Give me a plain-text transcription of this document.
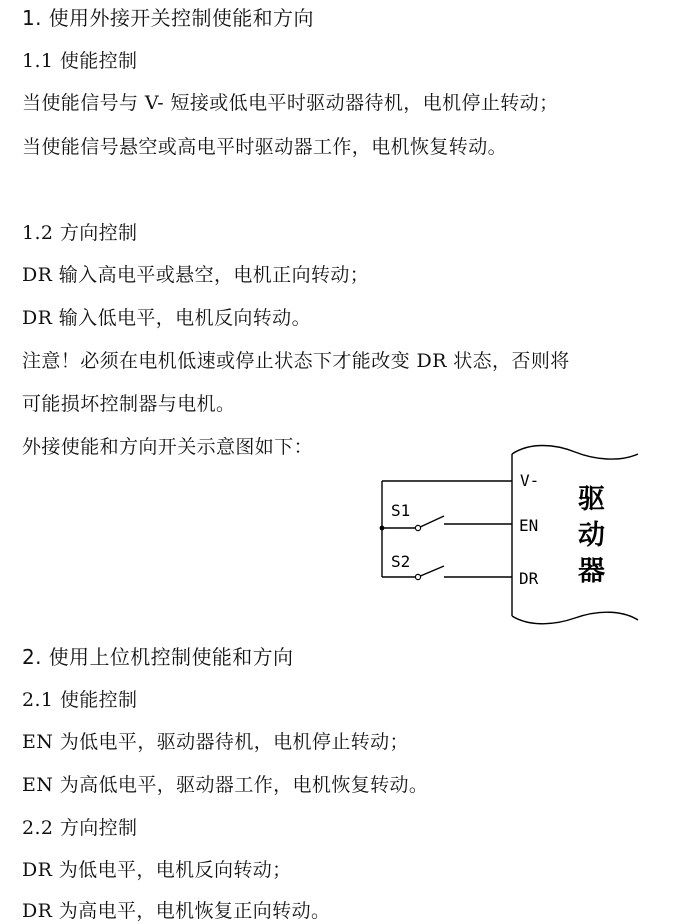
1. 使用外接开关控制使能和方向
1.1 使能控制
当使能信号与 V- 短接或低电平时驱动器待机，电机停止转动；
当使能信号悬空或高电平时驱动器工作，电机恢复转动。
1.2 方向控制
DR 输入高电平或悬空，电机正向转动；
DR 输入低电平，电机反向转动。
注意！必须在电机低速或停止状态下才能改变 DR 状态，否则将
可能损坏控制器与电机。
外接使能和方向开关示意图如下：
S1
S2
V-
EN
DR
驱
动
器
2. 使用上位机控制使能和方向
2.1 使能控制
EN 为低电平，驱动器待机，电机停止转动；
EN 为高低电平，驱动器工作，电机恢复转动。
2.2 方向控制
DR 为低电平，电机反向转动；
DR 为高电平，电机恢复正向转动。
